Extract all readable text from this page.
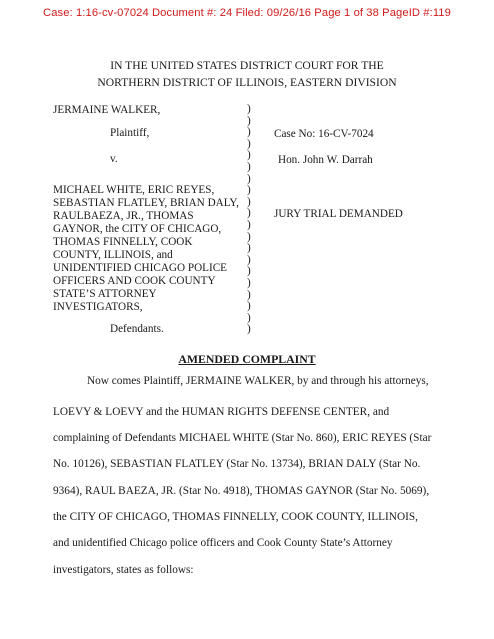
Case: 1:16-cv-07024 Document #: 24 Filed: 09/26/16 Page 1 of 38 PageID #:119
IN THE UNITED STATES DISTRICT COURT FOR THE
NORTHERN DISTRICT OF ILLINOIS, EASTERN DIVISION
JERMAINE WALKER,
Plaintiff,
v.
MICHAEL WHITE, ERIC REYES,
SEBASTIAN FLATLEY, BRIAN DALY,
RAULBAEZA, JR., THOMAS
GAYNOR, the CITY OF CHICAGO,
THOMAS FINNELLY, COOK
COUNTY, ILLINOIS, and
UNIDENTIFIED CHICAGO POLICE
OFFICERS AND COOK COUNTY
STATE’S ATTORNEY
INVESTIGATORS,
Defendants.
)
)
)
)
)
)
)
)
)
)
)
)
)
)
)
)
)
)
)
)
Case No: 16-CV-7024
Hon. John W. Darrah
JURY TRIAL DEMANDED
AMENDED COMPLAINT
Now comes Plaintiff, JERMAINE WALKER, by and through his attorneys,
LOEVY & LOEVY and the HUMAN RIGHTS DEFENSE CENTER, and
complaining of Defendants MICHAEL WHITE (Star No. 860), ERIC REYES (Star
No. 10126), SEBASTIAN FLATLEY (Star No. 13734), BRIAN DALY (Star No.
9364), RAUL BAEZA, JR. (Star No. 4918), THOMAS GAYNOR (Star No. 5069),
the CITY OF CHICAGO, THOMAS FINNELLY, COOK COUNTY, ILLINOIS,
and unidentified Chicago police officers and Cook County State’s Attorney
investigators, states as follows:
